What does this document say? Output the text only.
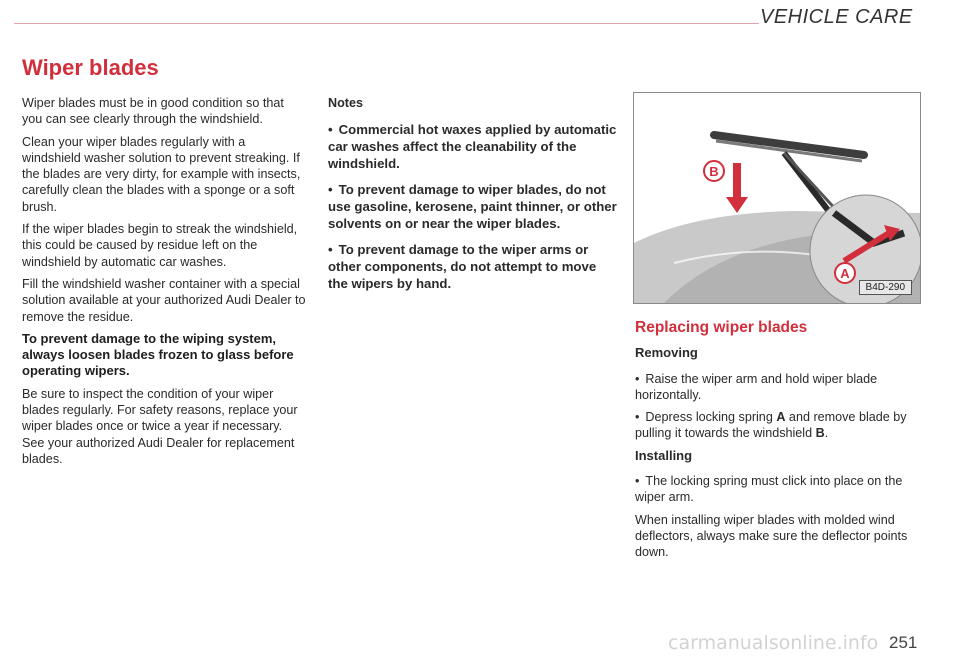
VEHICLE CARE
Wiper blades

Wiper blades must be in good condition so that you can see clearly through the windshield.

Clean your wiper blades regularly with a windshield washer solution to prevent streaking. If the blades are very dirty, for example with insects, carefully clean the blades with a sponge or a soft brush.

If the wiper blades begin to streak the windshield, this could be caused by residue left on the windshield by automatic car washes.

Fill the windshield washer container with a special solution available at your authorized Audi Dealer to remove the residue.

To prevent damage to the wiping system, always loosen blades frozen to glass before operating wipers.

Be sure to inspect the condition of your wiper blades regularly. For safety reasons, replace your wiper blades once or twice a year if necessary. See your authorized Audi Dealer for replacement blades.

Notes

• Commercial hot waxes applied by automatic car washes affect the cleanability of the windshield.

• To prevent damage to wiper blades, do not use gasoline, kerosene, paint thinner, or other solvents on or near the wiper blades.

• To prevent damage to the wiper arms or other components, do not attempt to move the wipers by hand.

A
B
B4D-290
Replacing wiper blades

Removing

• Raise the wiper arm and hold wiper blade horizontally.

• Depress locking spring A and remove blade by pulling it towards the windshield B.

Installing

• The locking spring must click into place on the wiper arm.

When installing wiper blades with molded wind deflectors, always make sure the deflector points down.

carmanualsonline.info 251
